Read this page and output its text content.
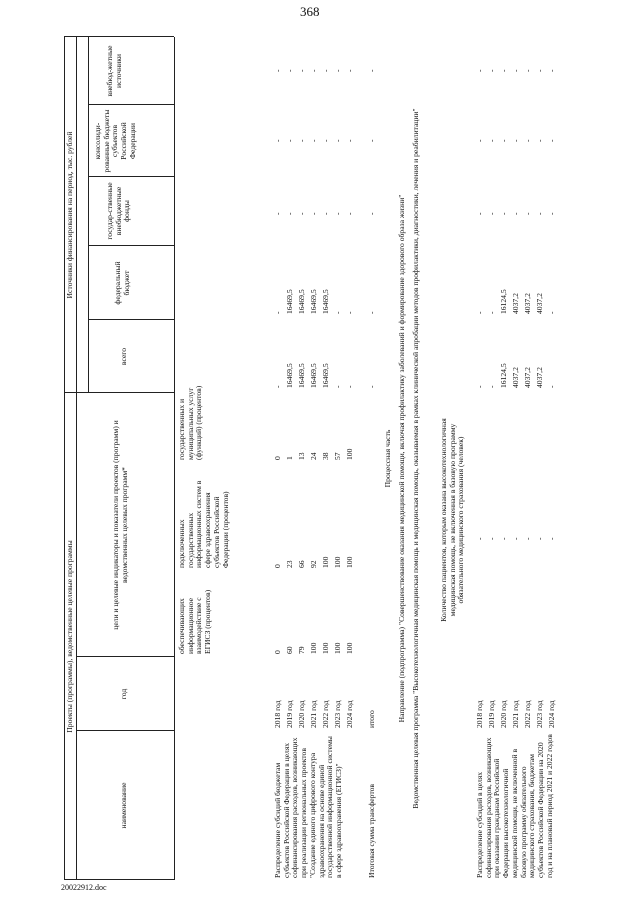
368
20022912.doc
Проекты (программы), ведомственные целевые программы
Источники финансирования на период, тыс. рублей
наименование
год
цели и целевые индикаторы и показатели проектов (программ) и ведомственных целевых программ*
всего
федеральный бюджет
государ-ственные внебюджетные фонды
консолиди-рованные бюджеты субъектов Российской Федерации
внебюд-жетные источники
обеспечивающих информационное взаимодействие с ЕГИСЗ (процентов)
подключенных государственных информационных систем в сфере здравоохранения субъектов Российской Федерации (процентов)
государственных и муниципальных услуг (функций) (процентов)
Распределение субсидий бюджетам субъектов Российской Федерации в целях софинансирования расходов, возникающих при реализации региональных проектов "Создание единого цифрового контура здравоохранения на основе единой государственной информационной системы в сфере здравоохранения (ЕГИСЗ)"
2018 год
0
0
0
-
-
-
-
-
2019 год
60
23
1
16469,5
16469,5
-
-
-
2020 год
79
66
13
16469,5
16469,5
-
-
-
2021 год
100
92
24
16469,5
16469,5
-
-
-
2022 год
100
100
38
16469,5
16469,5
-
-
-
2023 год
100
100
57
-
-
-
-
-
2024 год
100
100
100
-
-
-
-
-
Итоговая сумма трансфертов
итого
-
-
-
-
-
Процессная часть Направление (подпрограмма) "Совершенствование оказания медицинской помощи, включая профилактику заболеваний и формирование здорового образа жизни" Ведомственная целевая программа "Высокотехнологичная медицинская помощь и медицинская помощь, оказываемая в рамках клинической апробации методов профилактики, диагностики, лечения и реабилитации"	Количество пациентов, которым оказана высокотехнологичная медицинская помощь, не включенная в базовую программу обязательного медицинского страхования (человек)
Распределение субсидий в целях софинансирования расходов, возникающих при оказании гражданам Российской Федерации высокотехнологичной медицинской помощи, не включенной в базовую программу обязательного медицинского страхования, бюджетам субъектов Российской Федерации на 2020 год и на плановый период 2021 и 2022 годов
2018 год
-
-
-
-
-
-
2019 год
-
-
-
-
-
-
2020 год
-
16124,5
16124,5
-
-
-
2021 год
-
4037,2
4037,2
-
-
-
2022 год
-
4037,2
4037,2
-
-
-
2023 год
-
4037,2
4037,2
-
-
-
2024 год
-
-
-
-
-
-
